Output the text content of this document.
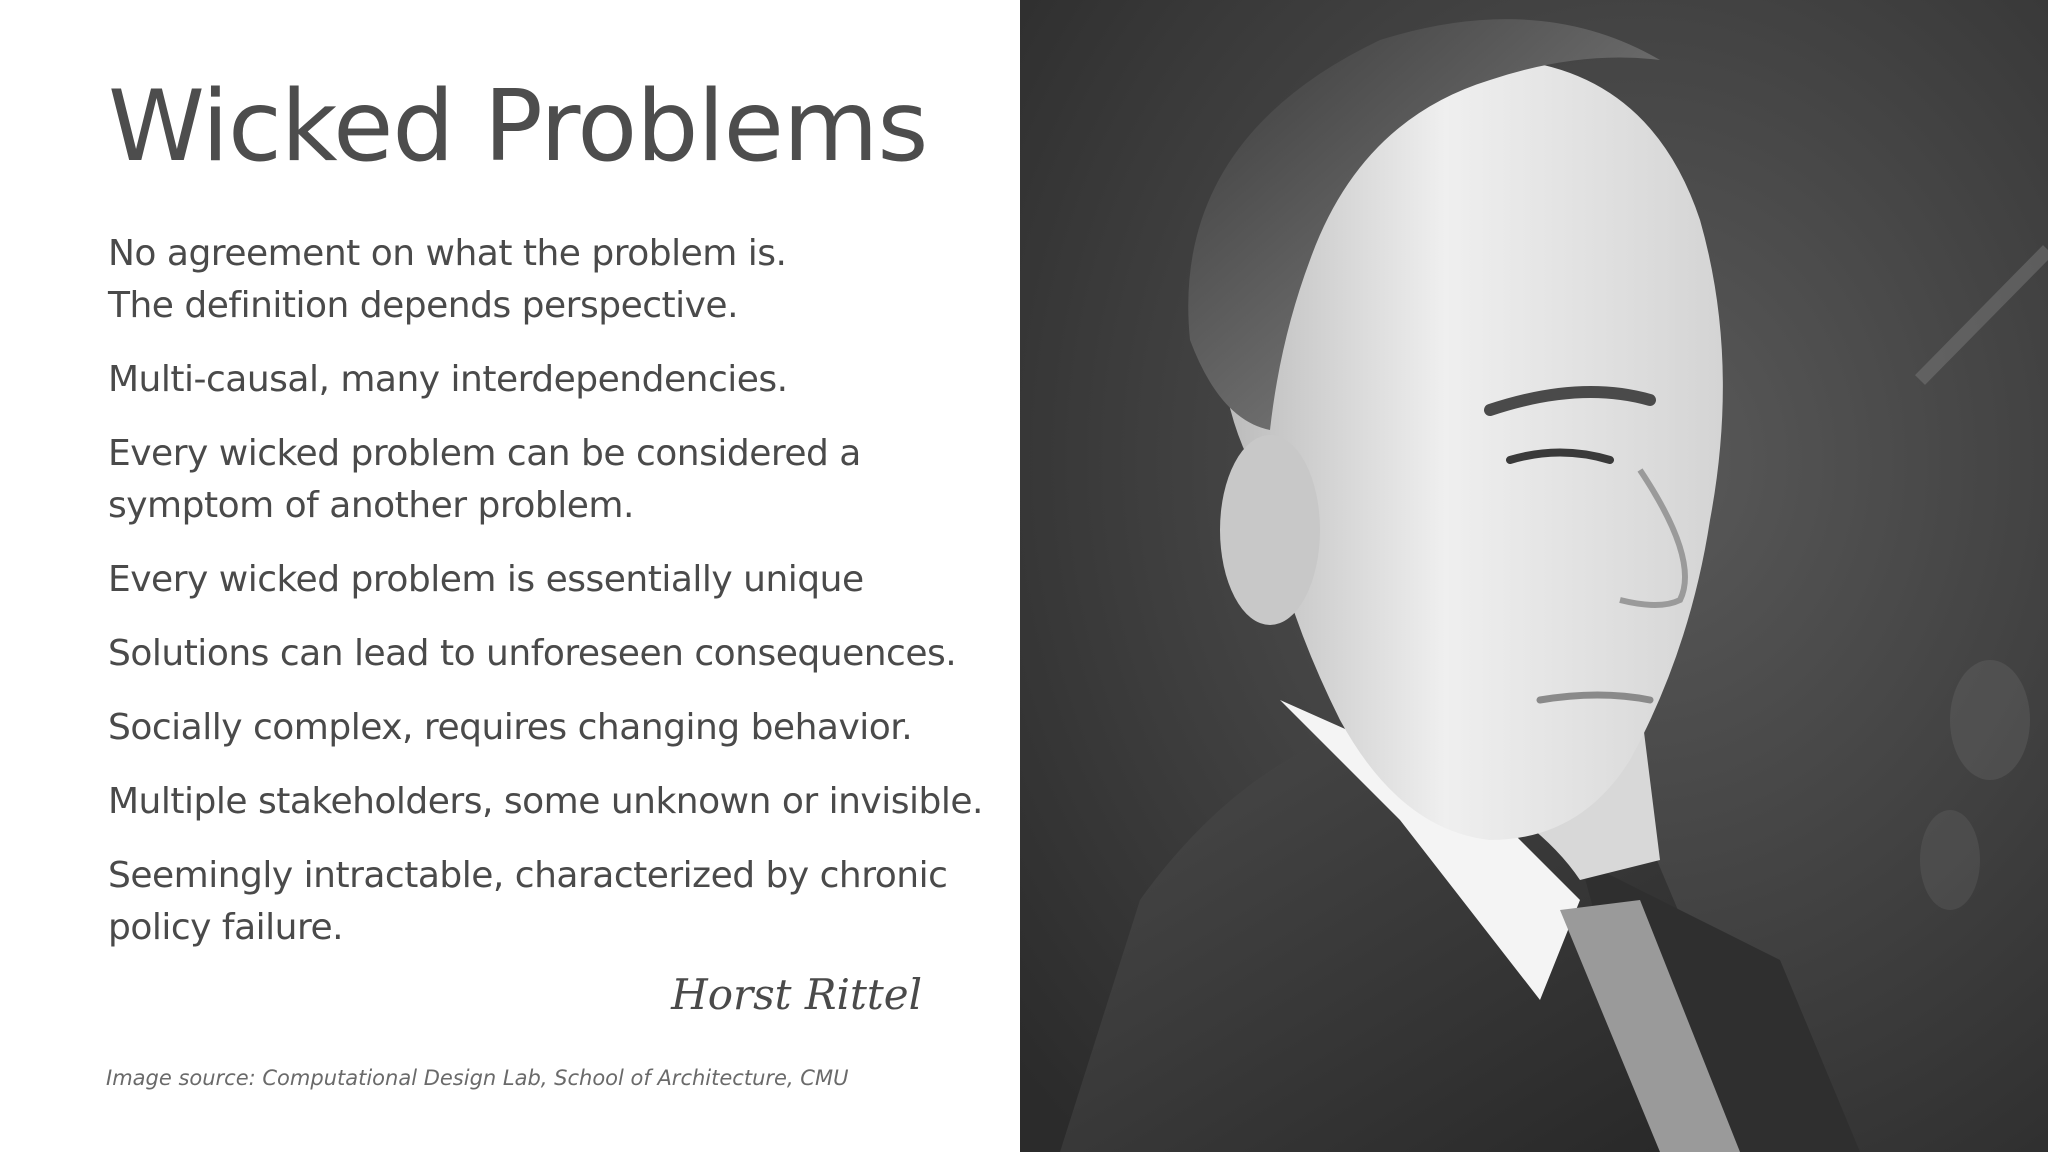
Wicked Problems
No agreement on what the problem is.
The definition depends perspective.
Multi-causal, many interdependencies.
Every wicked problem can be considered a
symptom of another problem.
Every wicked problem is essentially unique
Solutions can lead to unforeseen consequences.
Socially complex, requires changing behavior.
Multiple stakeholders, some unknown or invisible.
Seemingly intractable, characterized by chronic
policy failure.
Horst Rittel
Image source: Computational Design Lab, School of Architecture, CMU
